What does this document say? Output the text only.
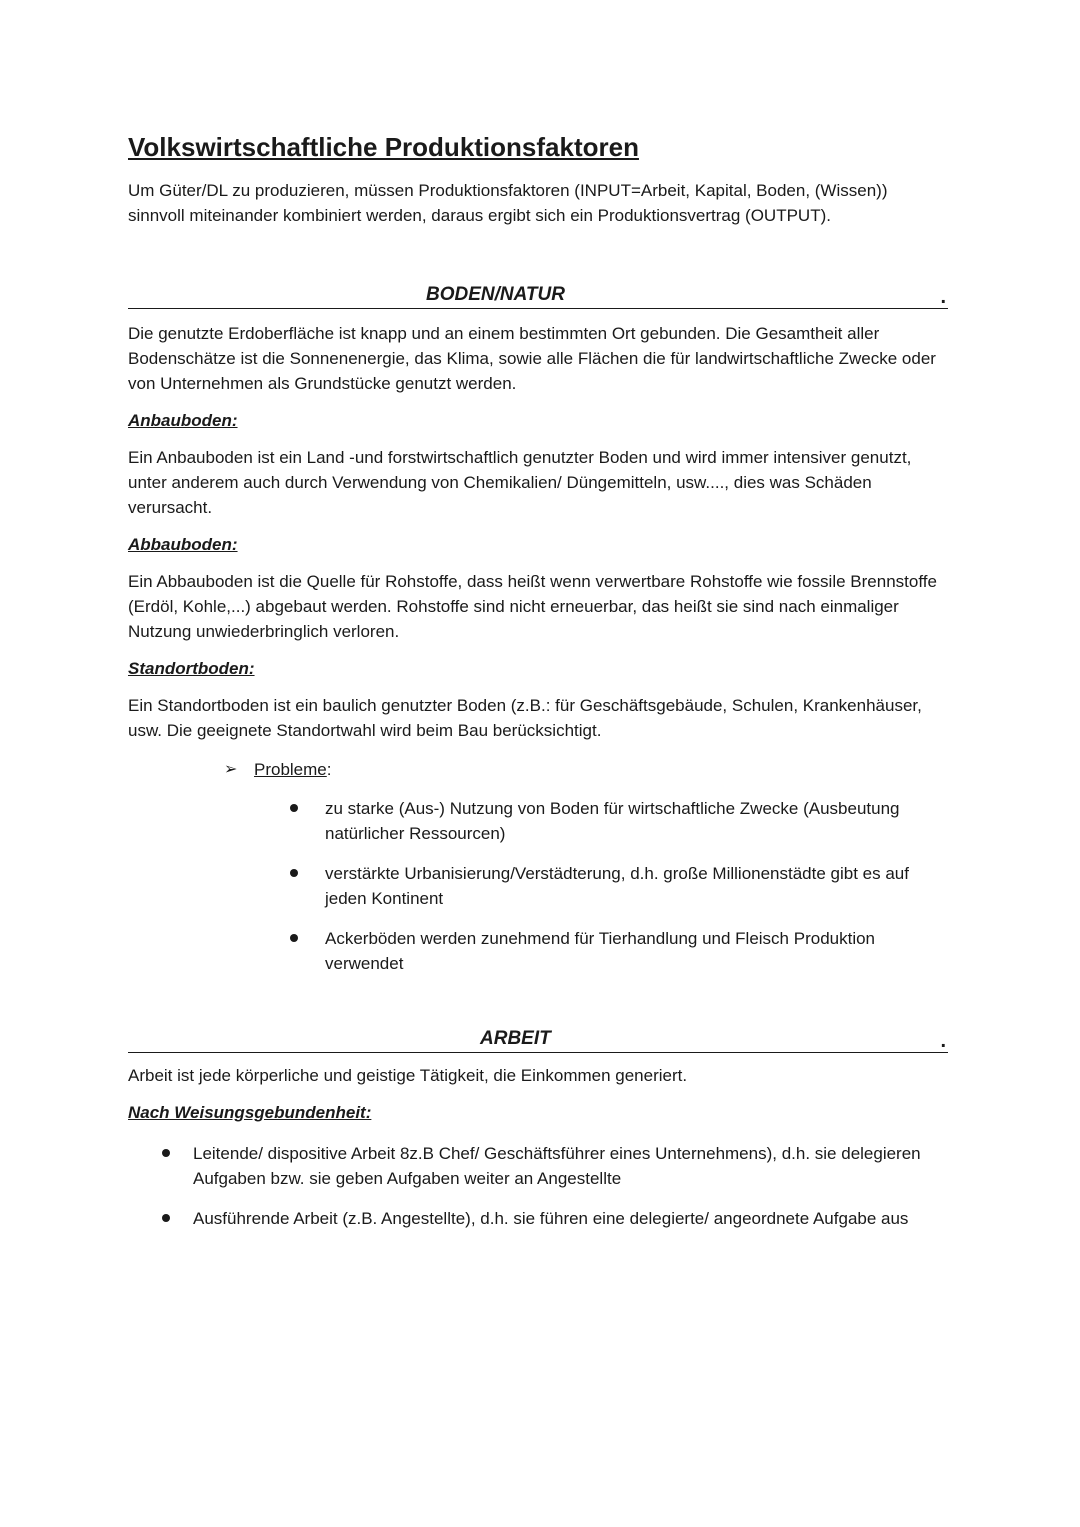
Volkswirtschaftliche Produktionsfaktoren

Um Güter/DL zu produzieren, müssen Produktionsfaktoren (INPUT=Arbeit, Kapital, Boden, (Wissen)) sinnvoll miteinander kombiniert werden, daraus ergibt sich ein Produktionsvertrag (OUTPUT).

BODEN/NATUR	.

Die genutzte Erdoberfläche ist knapp und an einem bestimmten Ort gebunden. Die Gesamtheit aller Bodenschätze ist die Sonnenenergie, das Klima, sowie alle Flächen die für landwirtschaftliche Zwecke oder von Unternehmen als Grundstücke genutzt werden.

Anbauboden:

Ein Anbauboden ist ein Land -und forstwirtschaftlich genutzter Boden und wird immer intensiver genutzt, unter anderem auch durch Verwendung von Chemikalien/ Düngemitteln, usw...., dies was Schäden verursacht.

Abbauboden:

Ein Abbauboden ist die Quelle für Rohstoffe, dass heißt wenn verwertbare Rohstoffe wie fossile Brennstoffe (Erdöl, Kohle,...) abgebaut werden. Rohstoffe sind nicht erneuerbar, das heißt sie sind nach einmaliger Nutzung unwiederbringlich verloren.

Standortboden:

Ein Standortboden ist ein baulich genutzter Boden (z.B.: für Geschäftsgebäude, Schulen, Krankenhäuser, usw. Die geeignete Standortwahl wird beim Bau berücksichtigt.

➢ Probleme :
zu starke (Aus-) Nutzung von Boden für wirtschaftliche Zwecke (Ausbeutung natürlicher Ressourcen)
verstärkte Urbanisierung/Verstädterung, d.h. große Millionenstädte gibt es auf jeden Kontinent
Ackerböden werden zunehmend für Tierhandlung und Fleisch Produktion verwendet
ARBEIT	.

Arbeit ist jede körperliche und geistige Tätigkeit, die Einkommen generiert.

Nach Weisungsgebundenheit:
Leitende/ dispositive Arbeit 8z.B Chef/ Geschäftsführer eines Unternehmens), d.h. sie delegieren Aufgaben bzw. sie geben Aufgaben weiter an Angestellte
Ausführende Arbeit (z.B. Angestellte), d.h. sie führen eine delegierte/ angeordnete Aufgabe aus
